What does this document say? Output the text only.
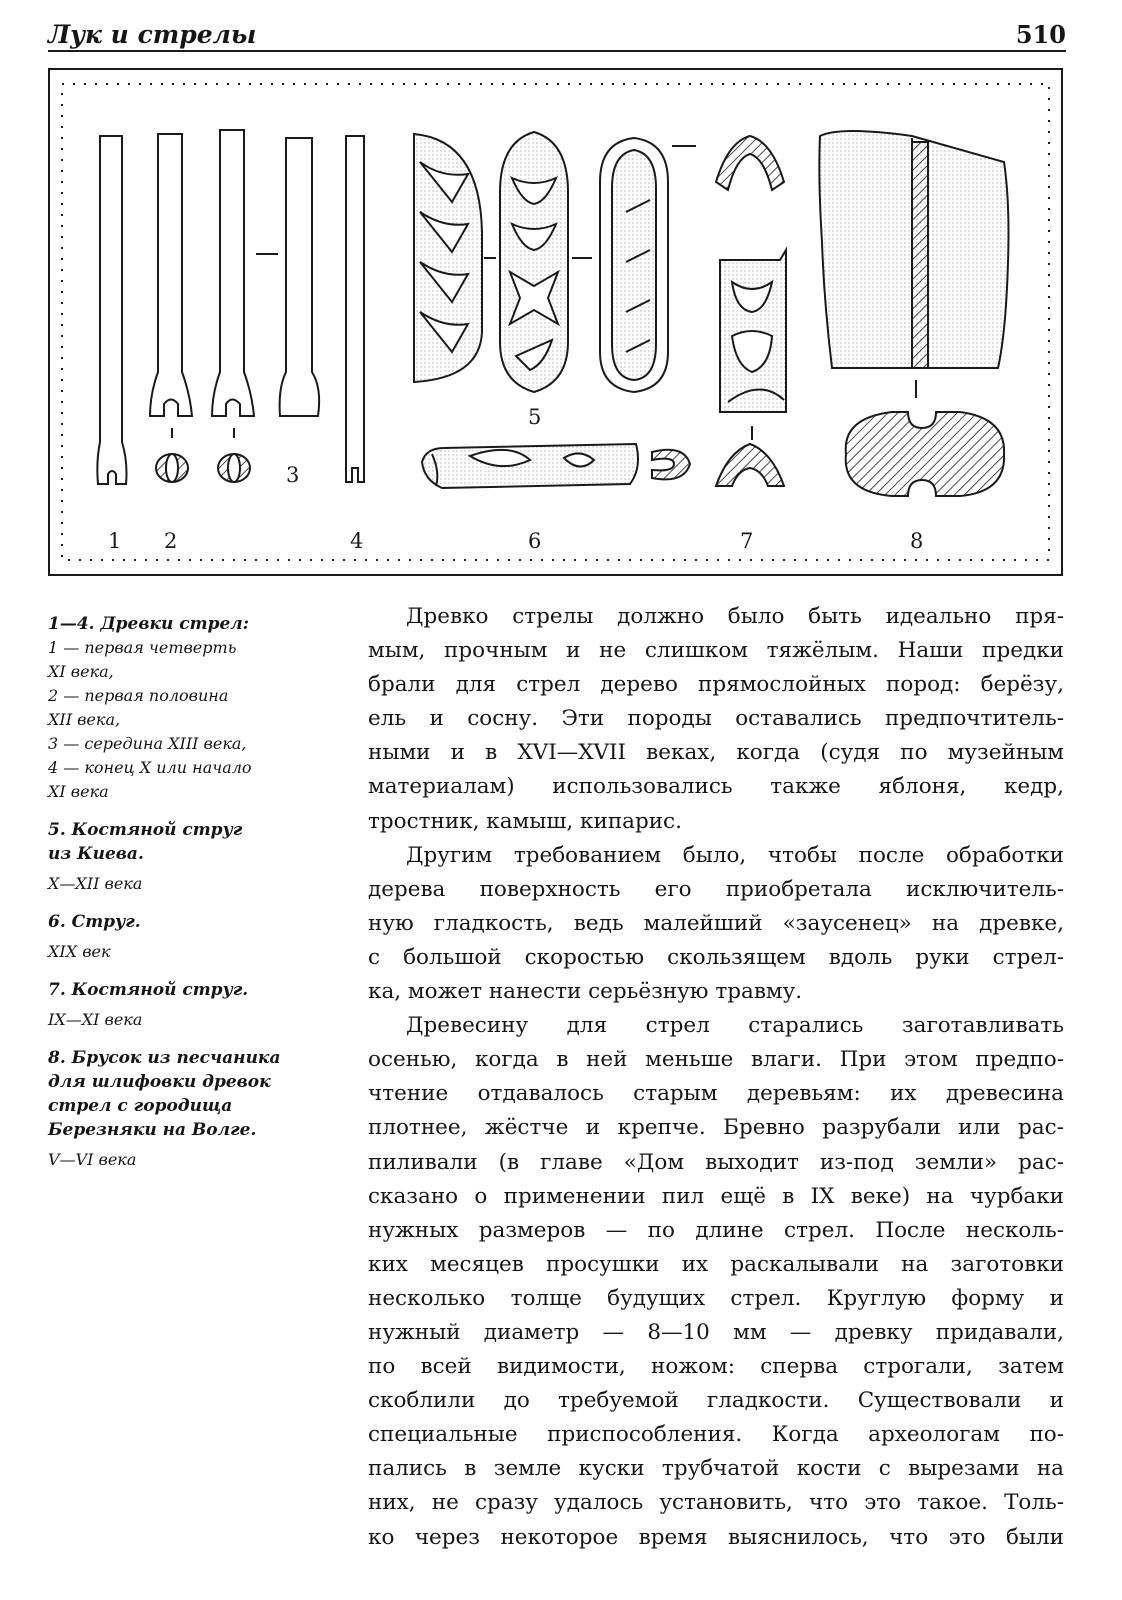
Лук и стрелы	510
1 2
3
4
5
6	7	8
1—4. Древки стрел:
1 — первая четверть
XI века,
2 — первая половина
XII века,
3 — середина XIII века,
4 — конец X или начало
XI века
5. Костяной струг
из Киева.
X—XII века
6. Струг.
XIX век
7. Костяной струг.
IX—XI века
8. Брусок из песчаника
для шлифовки древок
стрел с городища
Березняки на Волге.
V—VI века
Древко стрелы должно было быть идеально пря-
мым, прочным и не слишком тяжёлым. Наши предки
брали для стрел дерево прямослойных пород: берёзу,
ель и сосну. Эти породы оставались предпочтитель-
ными и в XVI—XVII веках, когда (судя по музейным
материалам) использовались также яблоня, кедр,
тростник, камыш, кипарис.
Другим требованием было, чтобы после обработки
дерева поверхность его приобретала исключитель-
ную гладкость, ведь малейший «заусенец» на древке,
с большой скоростью скользящем вдоль руки стрел-
ка, может нанести серьёзную травму.
Древесину для стрел старались заготавливать
осенью, когда в ней меньше влаги. При этом предпо-
чтение отдавалось старым деревьям: их древесина
плотнее, жёстче и крепче. Бревно разрубали или рас-
пиливали (в главе «Дом выходит из-под земли» рас-
сказано о применении пил ещё в IX веке) на чурбаки
нужных размеров — по длине стрел. После несколь-
ких месяцев просушки их раскалывали на заготовки
несколько толще будущих стрел. Круглую форму и
нужный диаметр — 8—10 мм — древку придавали,
по всей видимости, ножом: сперва строгали, затем
скоблили до требуемой гладкости. Существовали и
специальные приспособления. Когда археологам по-
пались в земле куски трубчатой кости с вырезами на
них, не сразу удалось установить, что это такое. Толь-
ко через некоторое время выяснилось, что это были
